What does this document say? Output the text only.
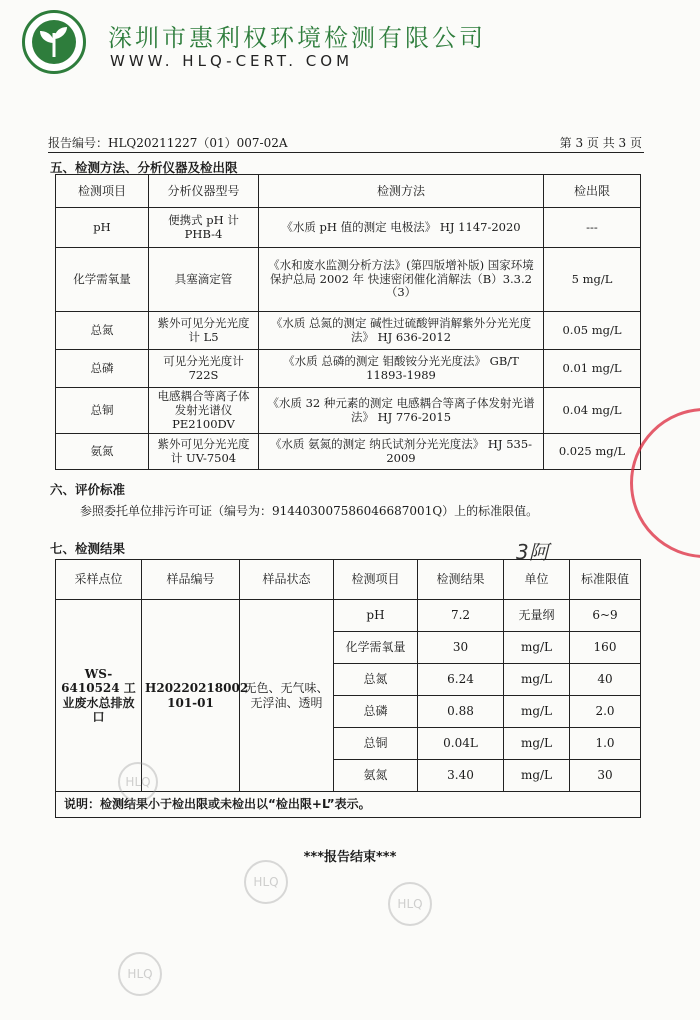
深圳市惠利权环境检测有限公司
WWW. HLQ-CERT. COM
报告编号：HLQ20211227（01）007-02A	第 3 页 共 3 页
五、检测方法、分析仪器及检出限
检测项目	分析仪器型号	检测方法	检出限
pH	便携式 pH 计 PHB-4	《水质 pH 值的测定 电极法》 HJ 1147-2020	---
化学需氧量	具塞滴定管	《水和废水监测分析方法》(第四版增补版) 国家环境保护总局 2002 年 快速密闭催化消解法（B）3.3.2（3）	5 mg/L
总氮	紫外可见分光光度计 L5	《水质 总氮的测定 碱性过硫酸钾消解紫外分光光度法》 HJ 636-2012	0.05 mg/L
总磷	可见分光光度计 722S	《水质 总磷的测定 钼酸铵分光光度法》 GB/T 11893-1989	0.01 mg/L
总铜	电感耦合等离子体发射光谱仪 PE2100DV	《水质 32 种元素的测定 电感耦合等离子体发射光谱法》 HJ 776-2015	0.04 mg/L
氨氮	紫外可见分光光度计 UV-7504	《水质 氨氮的测定 纳氏试剂分光光度法》 HJ 535-2009	0.025 mg/L
六、评价标准
参照委托单位排污许可证（编号为：914403007586046687001Q）上的标准限值。
七、检测结果	3阿
采样点位	样品编号	样品状态	检测项目	检测结果	单位	标准限值
WS-6410524 工业废水总排放口	H20220218002 101-01	无色、无气味、无浮油、透明	pH	7.2	无量纲	6~9
			化学需氧量	30	mg/L	160
			总氮	6.24	mg/L	40
			总磷	0.88	mg/L	2.0
			总铜	0.04L	mg/L	1.0
			氨氮	3.40	mg/L	30
说明：检测结果小于检出限或未检出以“检出限+L”表示。						
***报告结束***
HLQ
HLQ
HLQ
HLQ
